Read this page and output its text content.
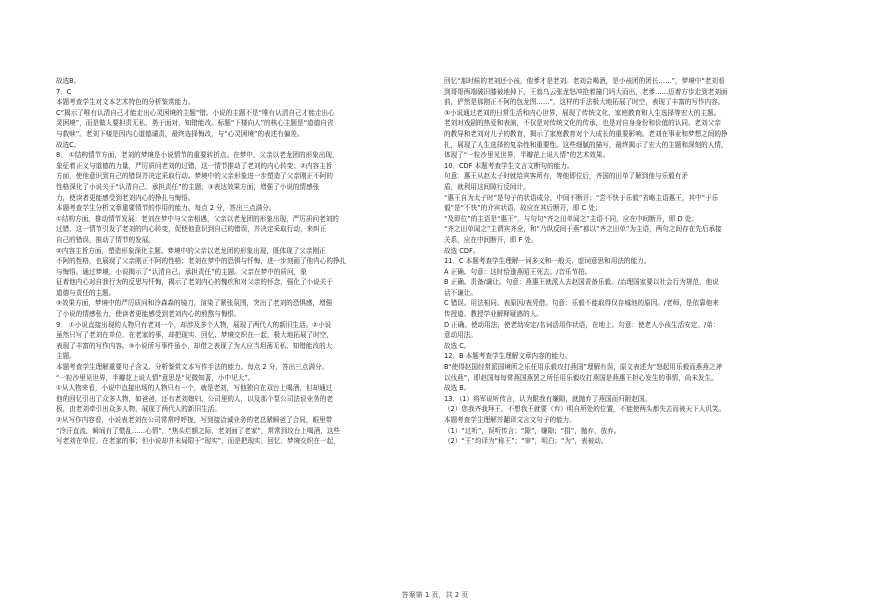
故选B。
7．C
本题考查学生对文本艺术特色的分析鉴赏能力。
C“揭示了唯有认清自己才能走出心灵困境的主题”错。小说的主题不是“唯有认清自己才能走出心
灵困境”，而是做人要担责无私，勇于面对，知错能改。标题“下楼向人”的核心主题是“道德自省
与救赎”。老刘下楼是因内心道德谴责，最终选择悔改，与“心灵困境”的表述有偏差。
故选C。
8． ①结构情节方面，老刘的梦境是小说情节的重要转折点。在梦中，父亲以老龙团的形象出现，
象征着正义与道德的力量，严厉质问老刘的过错，这一情节推动了老刘的内心转变；②内容主旨
方面，使他意识到自己的错误并决定采取行动。梦境中的父亲形象进一步塑造了父亲刚正不阿的
性格深化了小说关于“认清自己、承担责任”的主题；③表达效果方面，增强了小说的情感张
力，使读者更能感受到老刘内心的挣扎与悔悟。
本题考查学生分析文章重要情节的作用的能力。每点 2 分，答出三点满分。
①结构方面，推动情节发展：老刘在梦中与父亲相遇，父亲以老龙团的形象出现，严厉质问老刘的
过错，这一情节引发了老刘的内心转变，促使他意识到自己的错误，并决定采取行动，来纠正
自己的错误，推动了情节的发展。
②内容主旨方面，塑造形象深化主题。梦境中的父亲以老龙团的形象出现，既体现了父亲刚正
不阿的性格，也展现了父亲刚正不阿的性格；老刘在梦中的恐惧与忏悔，进一步刻画了他内心的挣扎
与悔悟。通过梦境，小说揭示了“认清自己、承担责任”的主题。父亲在梦中的质问，象
征着他内心对自我行为的反思与忏悔，揭示了老刘内心的愧疚和对父亲的怀念，强化了小说关于
道德与责任的主题。
③效果方面，梦境中的严厉质问和冷森森的镜刀，渲染了紧张氛围，突出了老刘的恐惧感，增强
了小说的情感张力，使读者更能感受到老刘内心的煎熬与悔恨。
9． ①小说直接出现的人物只有老刘一个，却涉及多个人物，展现了两代人的新旧生活。②小说
虽然只写了老刘在单位、在老家的事，却把现实、回忆、梦境交织在一起，极大地拓展了时空，
表现了丰富的写作内容。③小说所写事件虽小，却借之表现了为人应当坦荡无私、知错能改的大
主题。
本题考查学生理解重要句子含义、分析鉴赏文本写作手法的能力。每点 2 分，答出三点满分。
“一粒沙里见世界，半瓣花上说人情”意思是“见微知著，小中见大”。
①从人物来看，小说中直接出场的人物只有一个，就是老刘，写他独自在双台上喝酒，但却通过
他的回忆引出了众多人物，如爸爸，还有老刘媳妇、公司里的人，以及那个泵公司法说业务的老
板，由老刘牵引出众多人物，展现了两代人的新旧生活。
②从写作内容看，小说表老刘在公司常常呼呼拢，写到接洽诚业务的老总紧瞬爸了合同，眼里带
“冷汗直流，瞬间有了慌乱……心情”，“焦头烂额之际，老刘面了老家”，常常到坟台上喝酒，这些
写老刘在单位、在老家的事；但小说却并未局限于“现实”，而是把现实、回忆、梦境交织在一起，
回忆“那时候的老刘还小孩，他爹才是老刘。老刘会喝酒，是小孩团的团长……”，梦境中“老刘看
到哥哥两端破旧膝被地掉下，王翁乌云张龙怒冲抢着撞门吗大而出，老爹……迈着方步走到老刘面
前，俨然是那刚正不阿的包龙图……”，这样的手法极大地拓展了时空，表现了丰富的写作内容。
③小说通过老刘的日常生活和内心世界，展现了传统文化、家庭教育和人生选择等宏大的主题。
老刘对戏剧的热爱和表演，不仅是对传统文化的传承，也是对自身身份和价值的认同。老刘父亲
的教导和老刘对儿子的教育，揭示了家庭教育对个人成长的重要影响。老刘在事业和梦想之间的挣
扎，展现了人生选择的复杂性和重要性。这些细腻的描写，最终揭示了宏大的主题和深刻的人情，
体现了“一粒沙里见世界，半瓣花上说人情”的艺术效果。
10．CDF 本题考查学生文言文断句的能力。
句意：惠王从赵太子时就给宾客所有，等他即位后，齐国的田单了解到他与乐毅有矛
盾，就利用这间隙行反间计。
“惠王自为太子时”是句子的状语成分，中间不断开；“尝不快于乐毅”省略主语惠王，其中“于乐
毅”是“不快”的介宾状语，故应在其后断开，即 C 处；
“及即位”的主语是“惠王”，与句句“齐之田单闻之”主语不同，应在中间断开，即 D 处；
“齐之田单闻之”主谓宾齐全，和“乃纵反间于燕”都以“齐之田单”为主语，两句之间存在先后承接
关系，应在中间断开，即 F 处。
故选 CDF。
11．C 本题考查学生理解一词多义和一般关、虚词意思和用法的能力。
A 正确。句意：这时恰逢燕昭王死去。/音乐节拍。
B 正确。责备/谦让。句意：燕惠王就派人去赵国责备乐毅。/治理国家要以社会行为规范，他说
话不谦让。
C 错误。用法相同。表原因/表凭借。句意：乐毅不能取得仅存城池的原因。/老师，是依靠他来
传授道、教授学业解释疑惑的人。
D 正确。使动用法，使老幼安定/名词活用作状语，在地上。句意：使老人小孩生活安定。/弟：
意动用法。
故选 C。
12．B 本题考查学生理解文章内容的能力。
B“使得赵国经常派国境所之乐任用乐毅攻打燕国”理解有误，原文表述为“怒起用乐毅而燕燕之斧
以伐燕”，即赵国每每常燕国燕罢之所任用乐毅攻打燕国是燕惠王担心发生的事情，尚未发生。
故选 B。
13．（1）将军说听传言，认为跟我有嫌隙，就抛弃了燕国而归附赵国。
（2）您我齐我拜王，不想我王就要（弃）明自所处的位置，不能使两头都失去而被天下人讥笑。
本题考查学生理解并翻译文言文句子的能力。
（1）“过听”，误听传言；“隙”，嫌隙；“捐”，抛弃，放弃。
（2）“王”均译为“称王”；“审”，明白；“为”，表被动。
答案第 1 页，共 2 页
